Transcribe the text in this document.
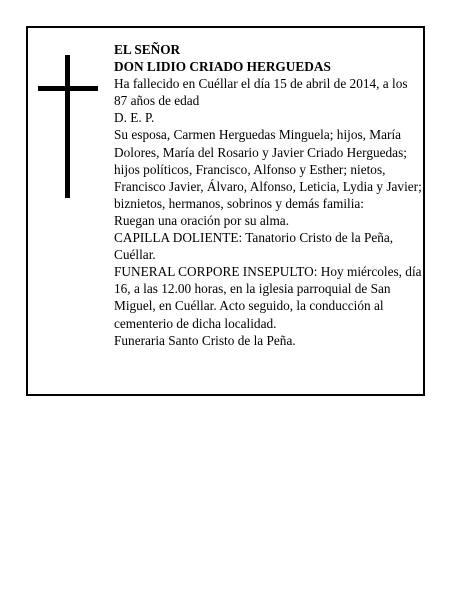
EL SEÑOR
DON LIDIO CRIADO HERGUEDAS
Ha fallecido en Cuéllar el día 15 de abril de 2014, a los 87 años de edad
D. E. P.
Su esposa, Carmen Herguedas Minguela; hijos, María Dolores, María del Rosario y Javier Criado Herguedas; hijos políticos, Francisco, Alfonso y Esther; nietos, Francisco Javier, Álvaro, Alfonso, Leticia, Lydia y Javier; biznietos, hermanos, sobrinos y demás familia:
Ruegan una oración por su alma.
CAPILLA DOLIENTE: Tanatorio Cristo de la Peña, Cuéllar.
FUNERAL CORPORE INSEPULTO: Hoy miércoles, día 16, a las 12.00 horas, en la iglesia parroquial de San Miguel, en Cuéllar. Acto seguido, la conducción al cementerio de dicha localidad.
Funeraria Santo Cristo de la Peña.
